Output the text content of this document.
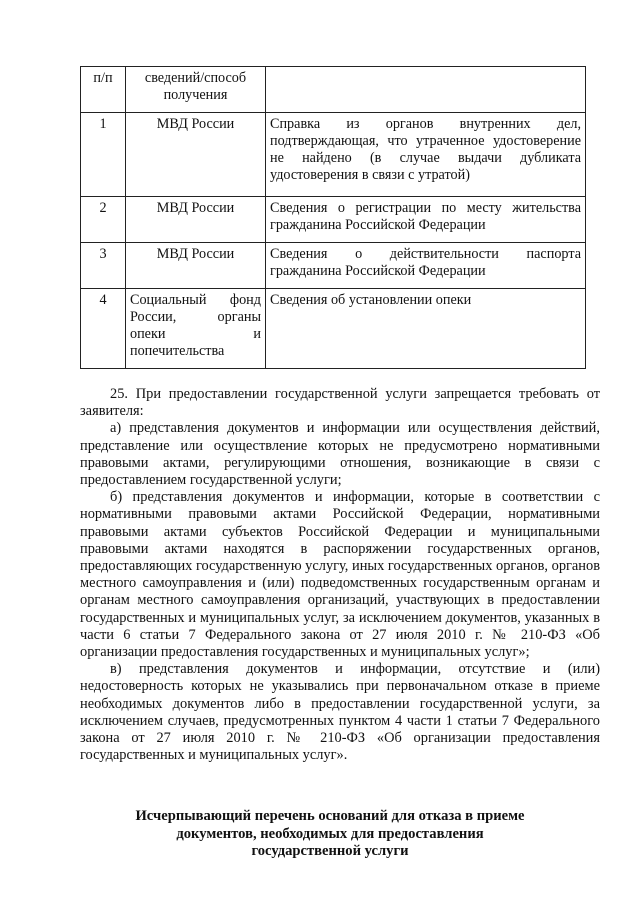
п/п	сведений/способ получения	
1	МВД России	Справка из органов внутренних дел, подтверждающая, что утраченное удостоверение не найдено (в случае выдачи дубликата удостоверения в связи с утратой)
2	МВД России	Сведения о регистрации по месту жительства гражданина Российской Федерации
3	МВД России	Сведения о действительности паспорта гражданина Российской Федерации
4	Социальный фонд России, органы опеки и попечительства	Сведения об установлении опеки

25. При предоставлении государственной услуги запрещается требовать от заявителя:

а) представления документов и информации или осуществления действий, представление или осуществление которых не предусмотрено нормативными правовыми актами, регулирующими отношения, возникающие в связи с предоставлением государственной услуги;

б) представления документов и информации, которые в соответствии с нормативными правовыми актами Российской Федерации, нормативными правовыми актами субъектов Российской Федерации и муниципальными правовыми актами находятся в распоряжении государственных органов, предоставляющих государственную услугу, иных государственных органов, органов местного самоуправления и (или) подведомственных государственным органам и органам местного самоуправления организаций, участвующих в предоставлении государственных и муниципальных услуг, за исключением документов, указанных в части 6 статьи 7 Федерального закона от 27 июля 2010 г. № 210-ФЗ «Об организации предоставления государственных и муниципальных услуг»;

в) представления документов и информации, отсутствие и (или) недостоверность которых не указывались при первоначальном отказе в приеме необходимых документов либо в предоставлении государственной услуги, за исключением случаев, предусмотренных пунктом 4 части 1 статьи 7 Федерального закона от 27 июля 2010 г. № 210-ФЗ «Об организации предоставления государственных и муниципальных услуг».

Исчерпывающий перечень оснований для отказа в приеме
документов, необходимых для предоставления
государственной услуги
